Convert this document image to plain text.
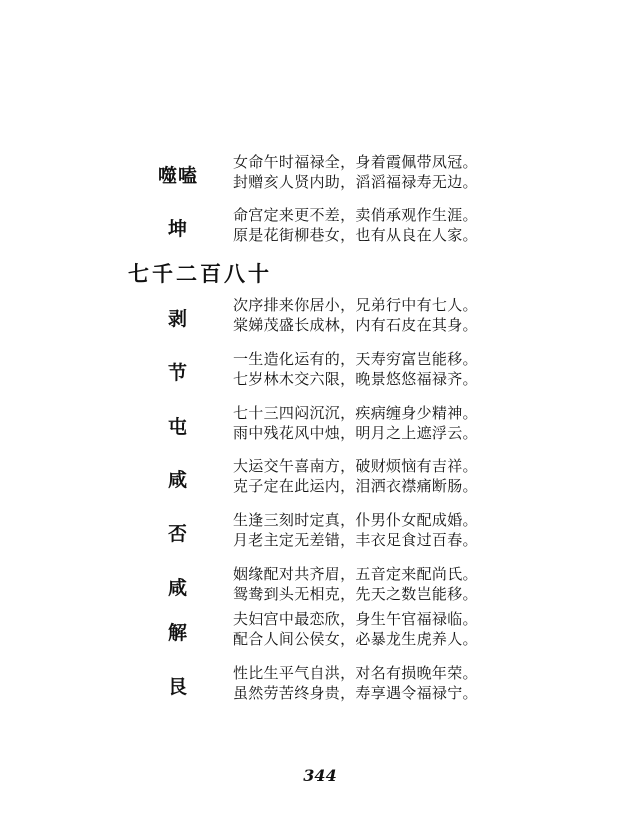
噬嗑
女命午时福禄全，身着霞佩带凤冠。
封赠亥人贤内助，滔滔福禄寿无边。
坤
命宫定来更不差，卖俏承观作生涯。
原是花街柳巷女，也有从良在人家。
七千二百八十
剥
次序排来你居小，兄弟行中有七人。
棠娣茂盛长成林，内有石皮在其身。
节
一生造化运有的，天寿穷富岂能移。
七岁林木交六限，晚景悠悠福禄齐。
屯
七十三四闷沉沉，疾病缠身少精神。
雨中残花风中烛，明月之上遮浮云。
咸
大运交午喜南方，破财烦恼有吉祥。
克子定在此运内，泪洒衣襟痛断肠。
否
生逢三刻时定真，仆男仆女配成婚。
月老主定无差错，丰衣足食过百春。
咸
姻缘配对共齐眉，五音定来配尚氏。
鸳鸯到头无相克，先天之数岂能移。
解
夫妇宫中最恋欣，身生午官福禄临。
配合人间公侯女，必暴龙生虎养人。
艮
性比生平气自洪，对名有损晚年荣。
虽然劳苦终身贵，寿享遇令福禄宁。
344
